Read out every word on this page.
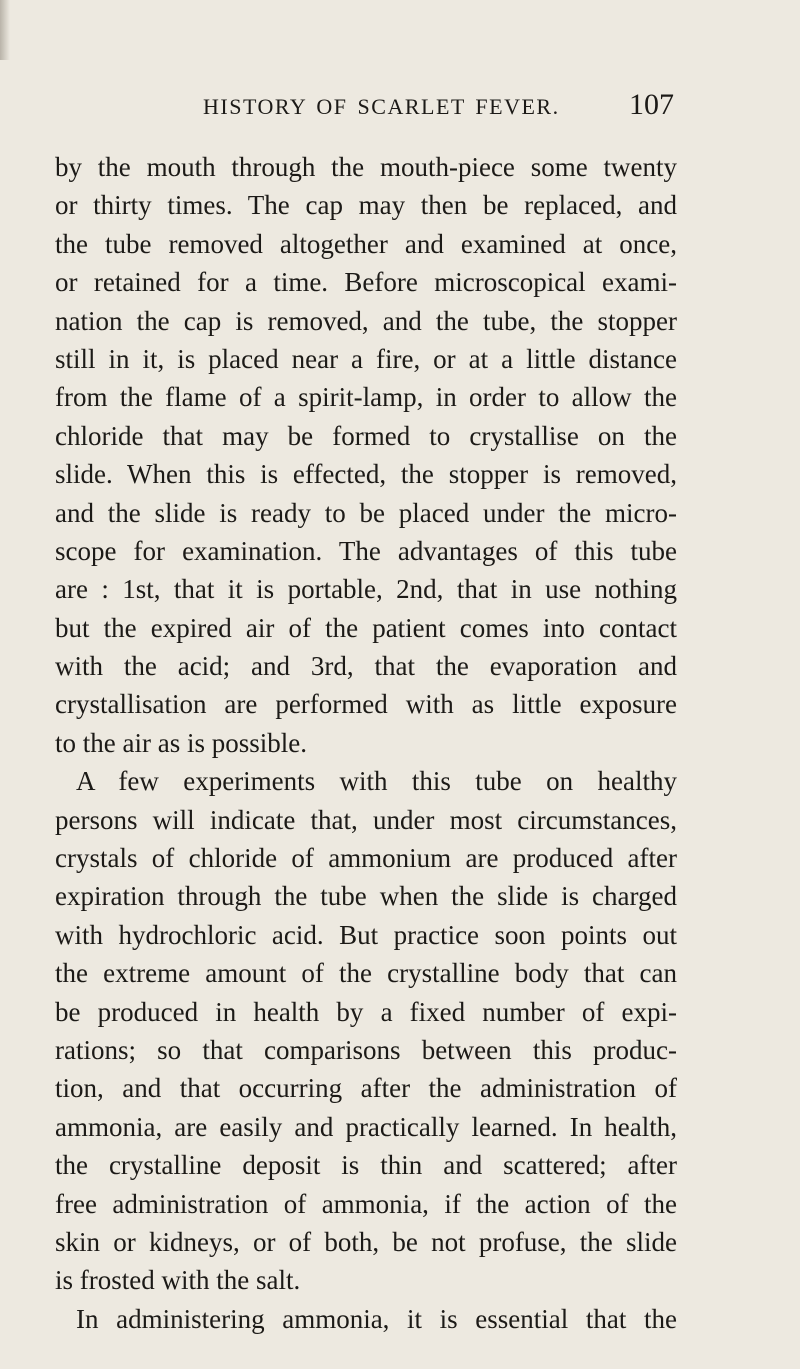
HISTORY OF SCARLET FEVER. 107
by the mouth through the mouth-piece some twenty
or thirty times. The cap may then be replaced, and
the tube removed altogether and examined at once,
or retained for a time. Before microscopical exami-
nation the cap is removed, and the tube, the stopper
still in it, is placed near a fire, or at a little distance
from the flame of a spirit-lamp, in order to allow the
chloride that may be formed to crystallise on the
slide. When this is effected, the stopper is removed,
and the slide is ready to be placed under the micro-
scope for examination. The advantages of this tube
are : 1st, that it is portable, 2nd, that in use nothing
but the expired air of the patient comes into contact
with the acid; and 3rd, that the evaporation and
crystallisation are performed with as little exposure
to the air as is possible.
A few experiments with this tube on healthy
persons will indicate that, under most circumstances,
crystals of chloride of ammonium are produced after
expiration through the tube when the slide is charged
with hydrochloric acid. But practice soon points out
the extreme amount of the crystalline body that can
be produced in health by a fixed number of expi-
rations; so that comparisons between this produc-
tion, and that occurring after the administration of
ammonia, are easily and practically learned. In health,
the crystalline deposit is thin and scattered; after
free administration of ammonia, if the action of the
skin or kidneys, or of both, be not profuse, the slide
is frosted with the salt.
In administering ammonia, it is essential that the
